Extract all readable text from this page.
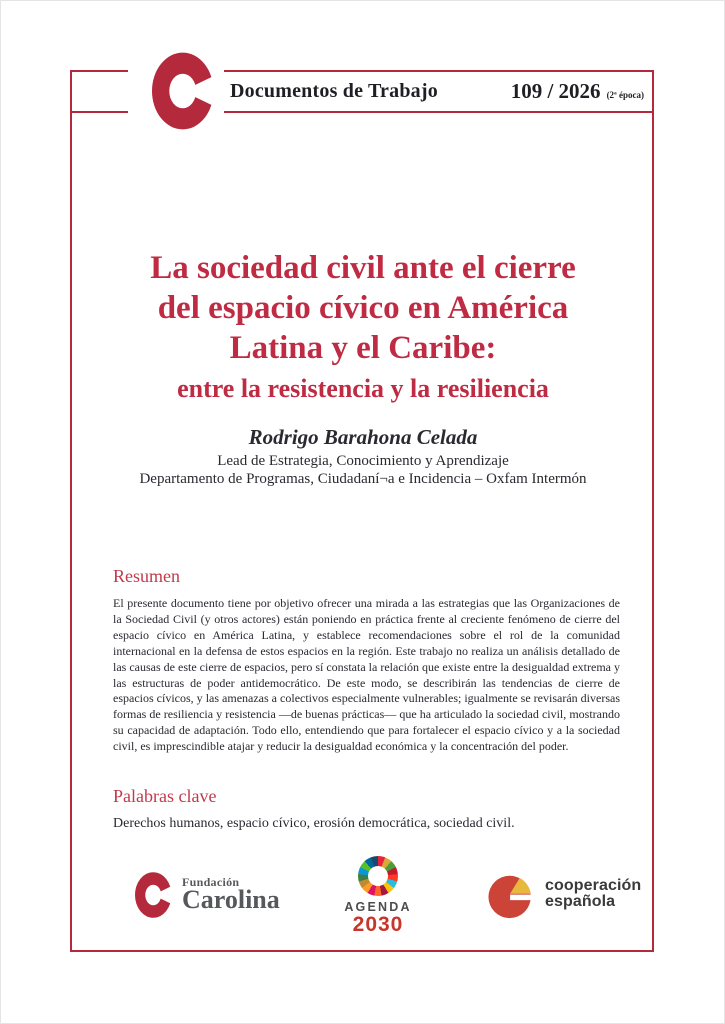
Documentos de Trabajo	109 / 2026 (2ª época)
La sociedad civil ante el cierre
del espacio cívico en América
Latina y el Caribe:
entre la resistencia y la resiliencia
Rodrigo Barahona Celada
Lead de Estrategia, Conocimiento y Aprendizaje
Departamento de Programas, Ciudadaní¬a e Incidencia – Oxfam Intermón
Resumen

El presente documento tiene por objetivo ofrecer una mirada a las estrategias que las Organizaciones de la Sociedad Civil (y otros actores) están poniendo en práctica frente al creciente fenómeno de cierre del espacio cívico en América Latina, y establece recomendaciones sobre el rol de la comunidad internacional en la defensa de estos espacios en la región. Este trabajo no realiza un análisis detallado de las causas de este cierre de espacios, pero sí constata la relación que existe entre la desigualdad extrema y las estructuras de poder antidemocrático. De este modo, se describirán las tendencias de cierre de espacios cívicos, y las amenazas a colectivos especialmente vulnerables; igualmente se revisarán diversas formas de resiliencia y resistencia —de buenas prácticas— que ha articulado la sociedad civil, mostrando su capacidad de adaptación. Todo ello, entendiendo que para fortalecer el espacio cívico y a la sociedad civil, es imprescindible atajar y reducir la desigualdad económica y la concentración del poder.

Palabras clave

Derechos humanos, espacio cívico, erosión democrática, sociedad civil.

Fundación
Carolina	AGENDA
2030
cooperación
española
